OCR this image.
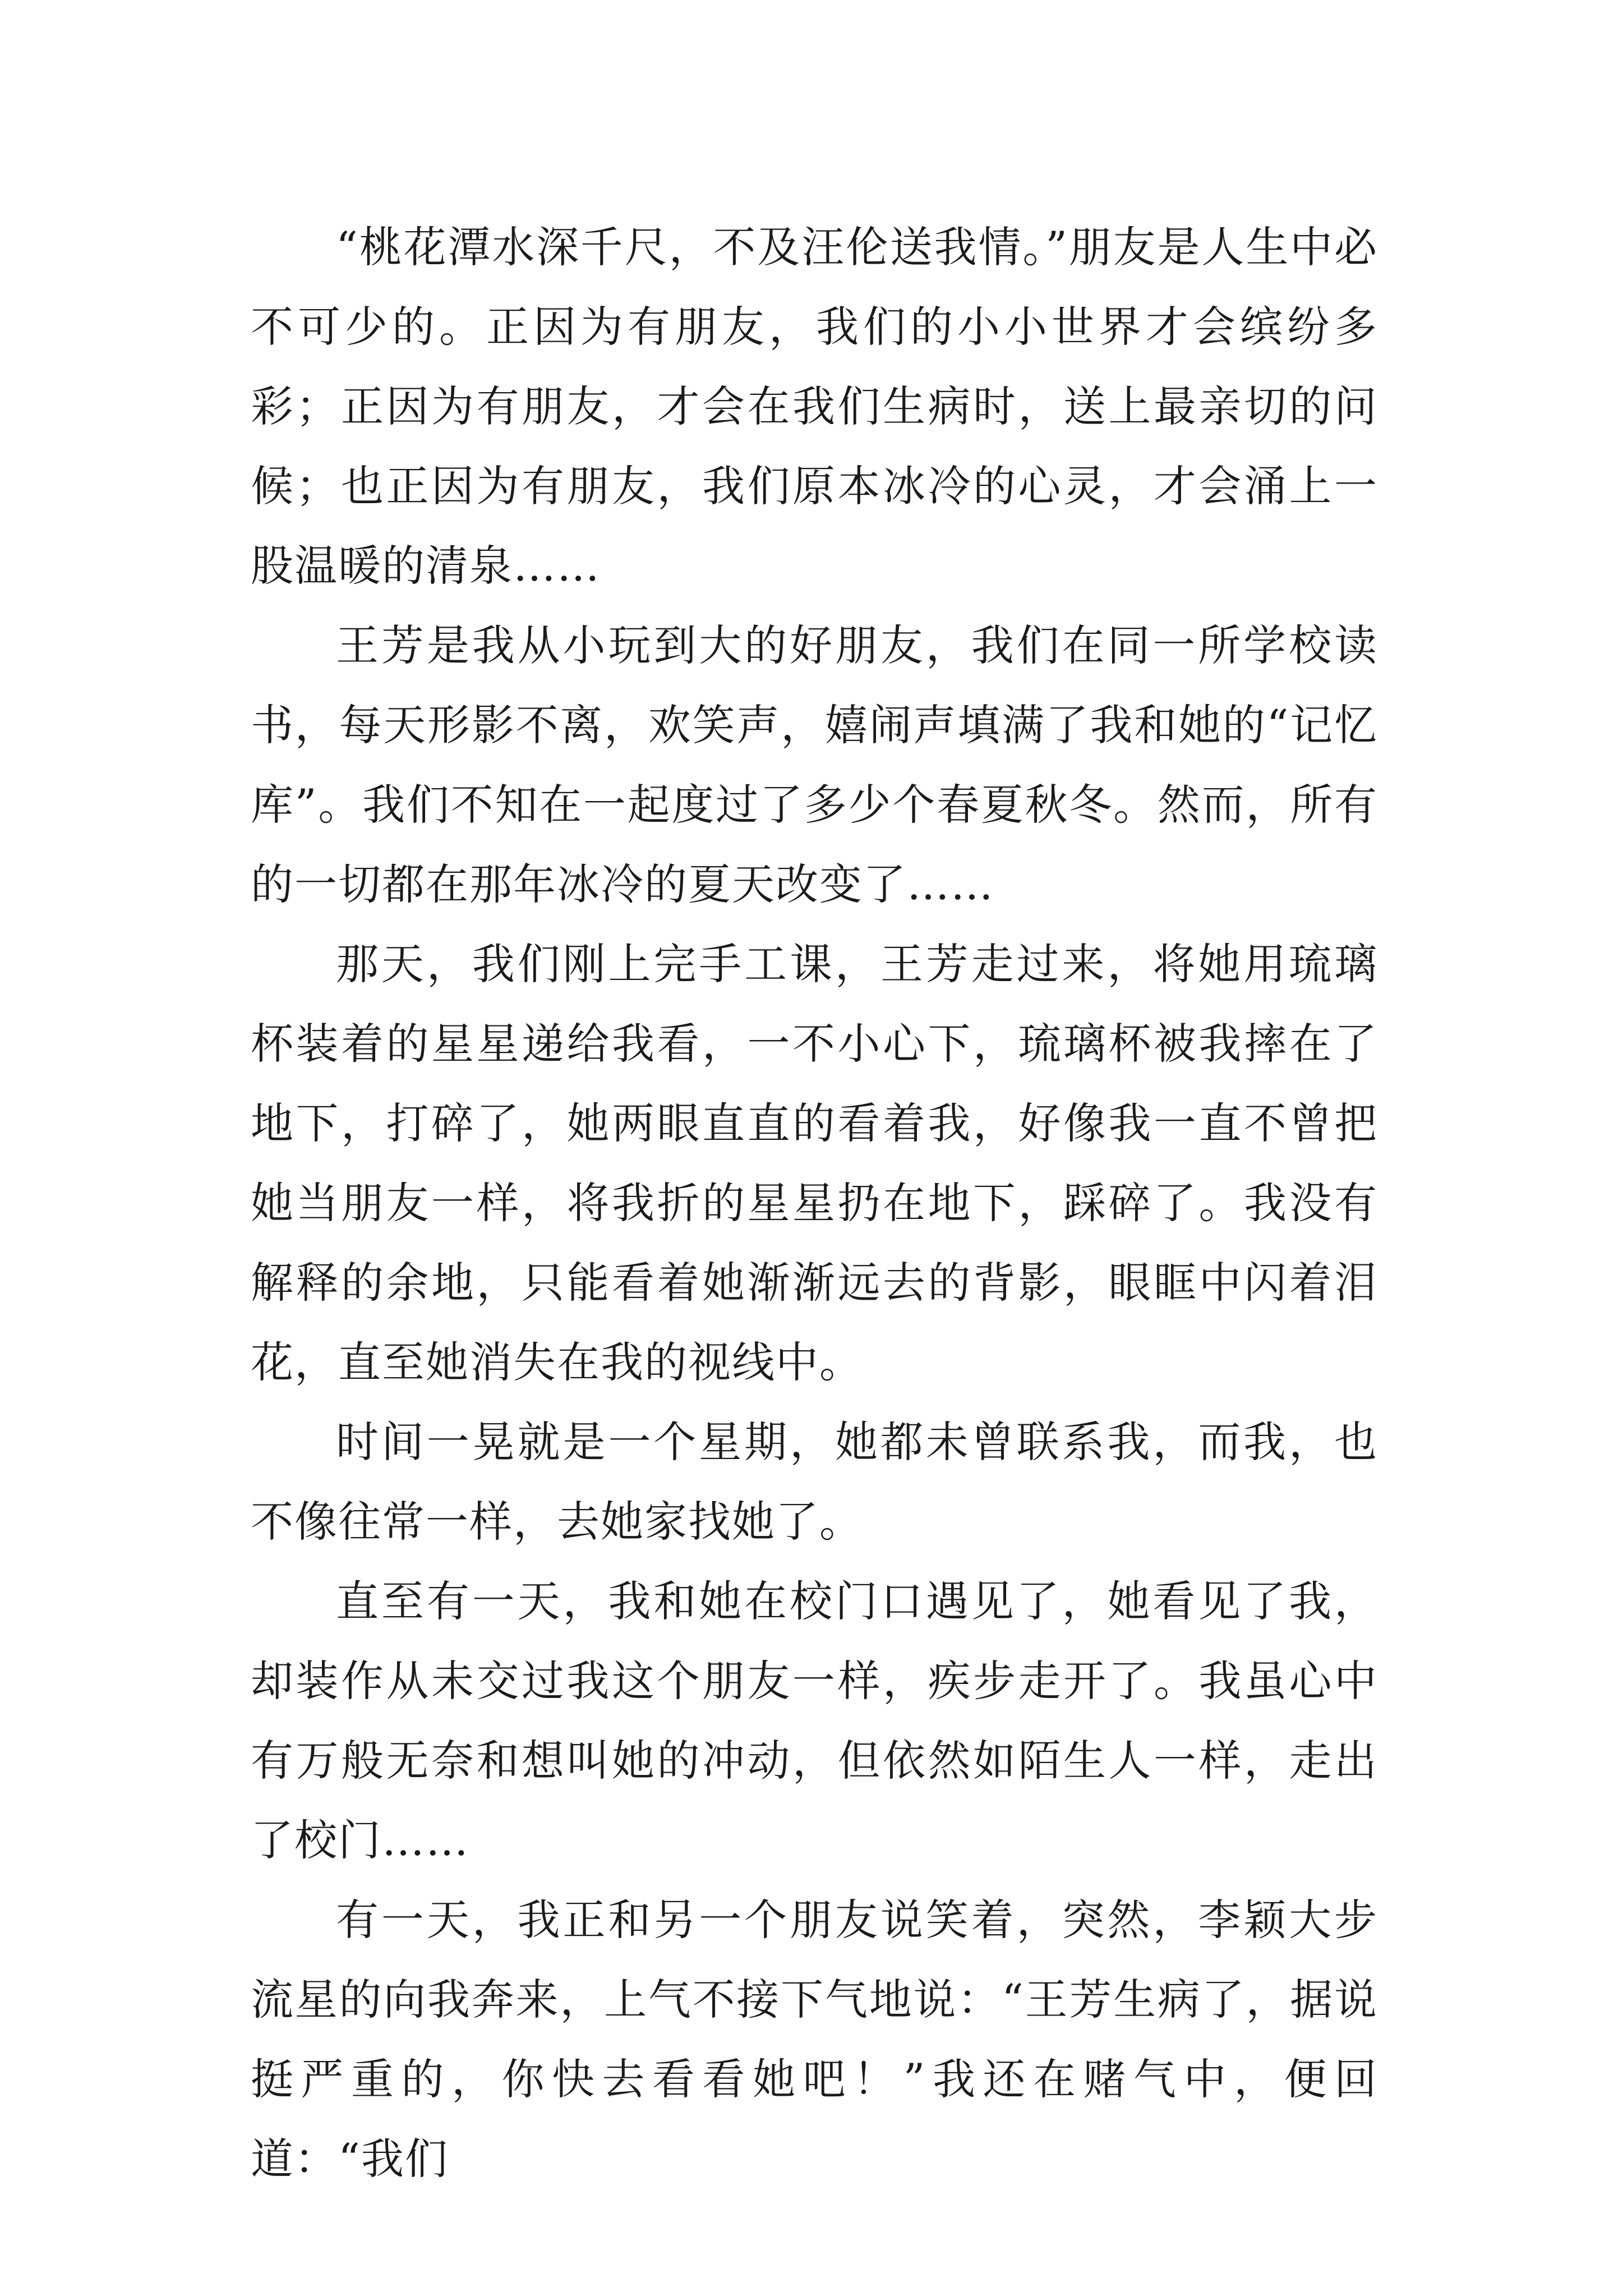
“桃花潭水深千尺，不及汪伦送我情。”朋友是人生中必不可少的。正因为有朋友，我们的小小世界才会缤纷多彩；正因为有朋友，才会在我们生病时，送上最亲切的问候；也正因为有朋友，我们原本冰冷的心灵，才会涌上一股温暖的清泉……

王芳是我从小玩到大的好朋友，我们在同一所学校读书，每天形影不离，欢笑声，嬉闹声填满了我和她的“记忆库”。我们不知在一起度过了多少个春夏秋冬。然而，所有的一切都在那年冰冷的夏天改变了……

那天，我们刚上完手工课，王芳走过来，将她用琉璃杯装着的星星递给我看，一不小心下，琉璃杯被我摔在了地下，打碎了，她两眼直直的看着我，好像我一直不曾把她当朋友一样，将我折的星星扔在地下，踩碎了。我没有解释的余地，只能看着她渐渐远去的背影，眼眶中闪着泪花，直至她消失在我的视线中。

时间一晃就是一个星期，她都未曾联系我，而我，也不像往常一样，去她家找她了。

直至有一天，我和她在校门口遇见了，她看见了我，却装作从未交过我这个朋友一样，疾步走开了。我虽心中有万般无奈和想叫她的冲动，但依然如陌生人一样，走出了校门……

有一天，我正和另一个朋友说笑着，突然，李颖大步流星的向我奔来，上气不接下气地说：“王芳生病了，据说挺严重的，你快去看看她吧！”我还在赌气中，便回道：“我们
